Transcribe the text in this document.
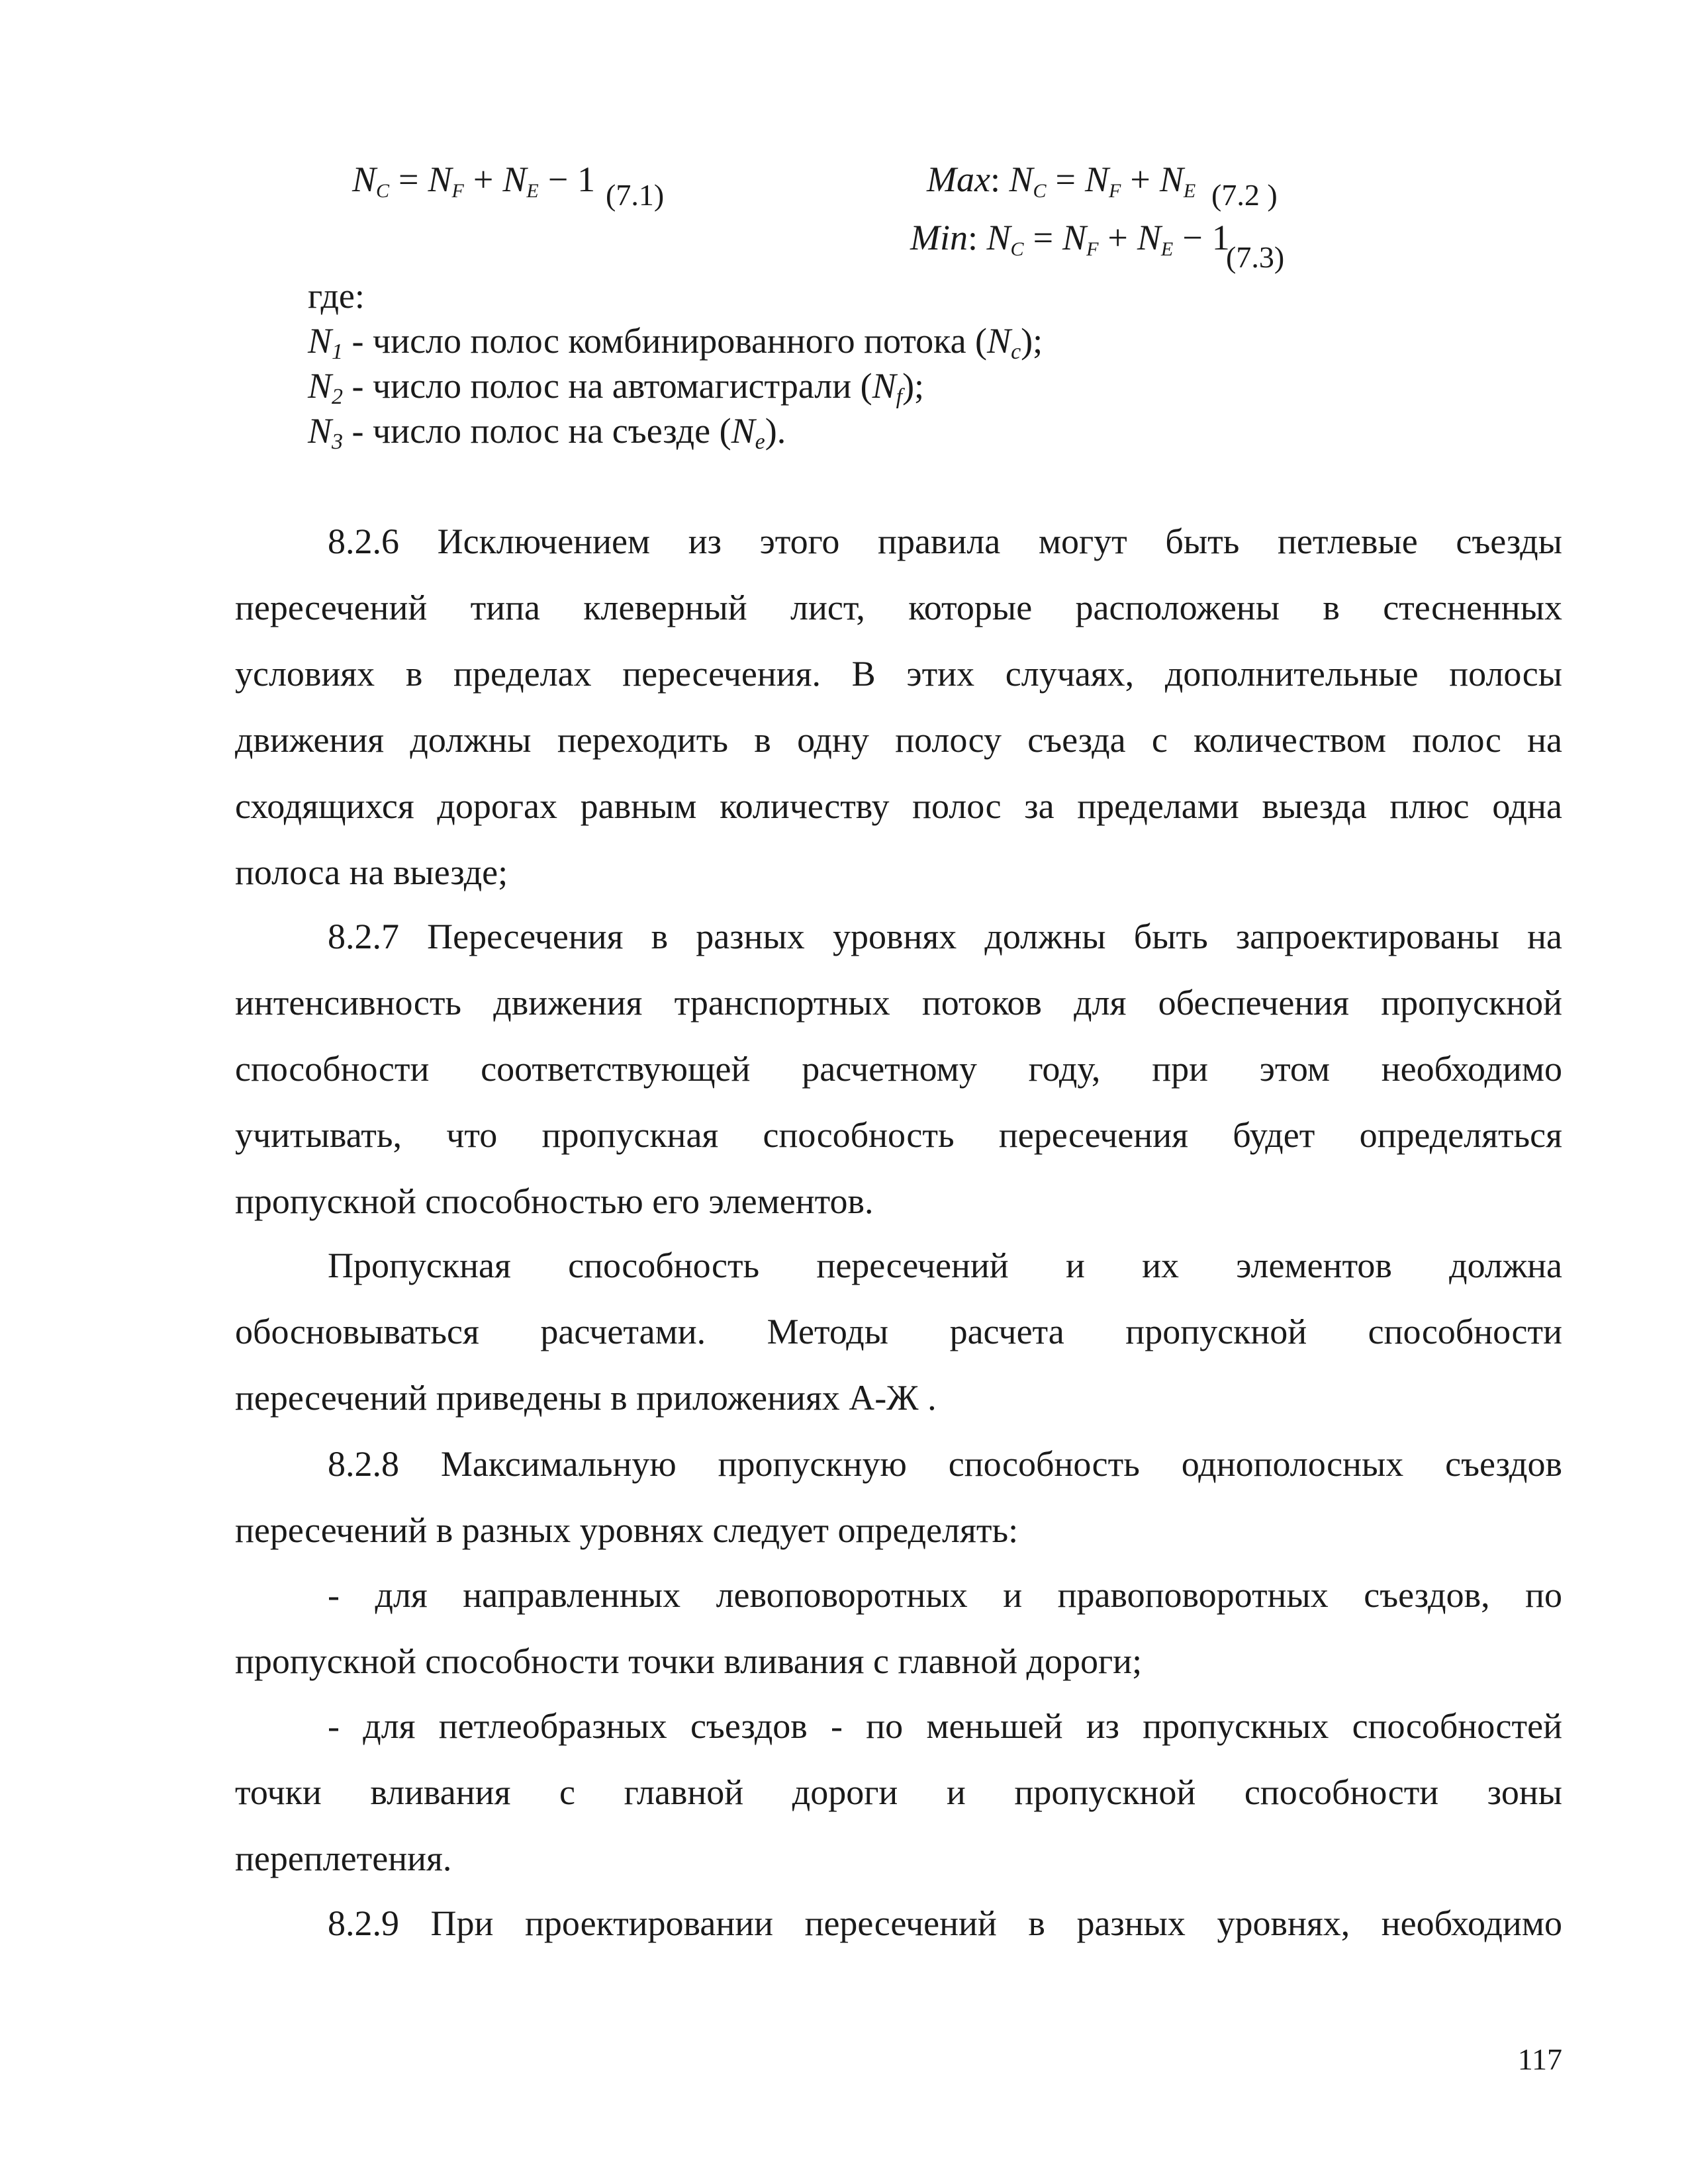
$N_C = N_F + N_E - 1$ (7.1)	Max: $N_C = N_F + N_E$ (7.2 )
Min: $N_C = N_F + N_E - 1$
(7.3)
где:
$N_1$ - число полос комбинированного потока $(N_c)$;
$N_2$ - число полос на автомагистрали $(N_f)$;
$N_3$ - число полос на съезде $(N_e)$.
8.2.6 Исключением из этого правила могут быть петлевые съезды
пересечений типа клеверный лист, которые расположены в стесненных
условиях в пределах пересечения. В этих случаях, дополнительные полосы
движения должны переходить в одну полосу съезда с количеством полос на
сходящихся дорогах равным количеству полос за пределами выезда плюс одна
полоса на выезде;
8.2.7 Пересечения в разных уровнях должны быть запроектированы на
интенсивность движения транспортных потоков для обеспечения пропускной
способности соответствующей расчетному году, при этом необходимо
учитывать, что пропускная способность пересечения будет определяться
пропускной способностью его элементов.
Пропускная способность пересечений и их элементов должна
обосновываться расчетами. Методы расчета пропускной способности
пересечений приведены в приложениях А-Ж .
8.2.8 Максимальную пропускную способность однополосных съездов
пересечений в разных уровнях следует определять:
- для направленных левоповоротных и правоповоротных съездов, по
пропускной способности точки вливания с главной дороги;
- для петлеобразных съездов - по меньшей из пропускных способностей
точки вливания с главной дороги и пропускной способности зоны
переплетения.
8.2.9 При проектировании пересечений в разных уровнях, необходимо
117
